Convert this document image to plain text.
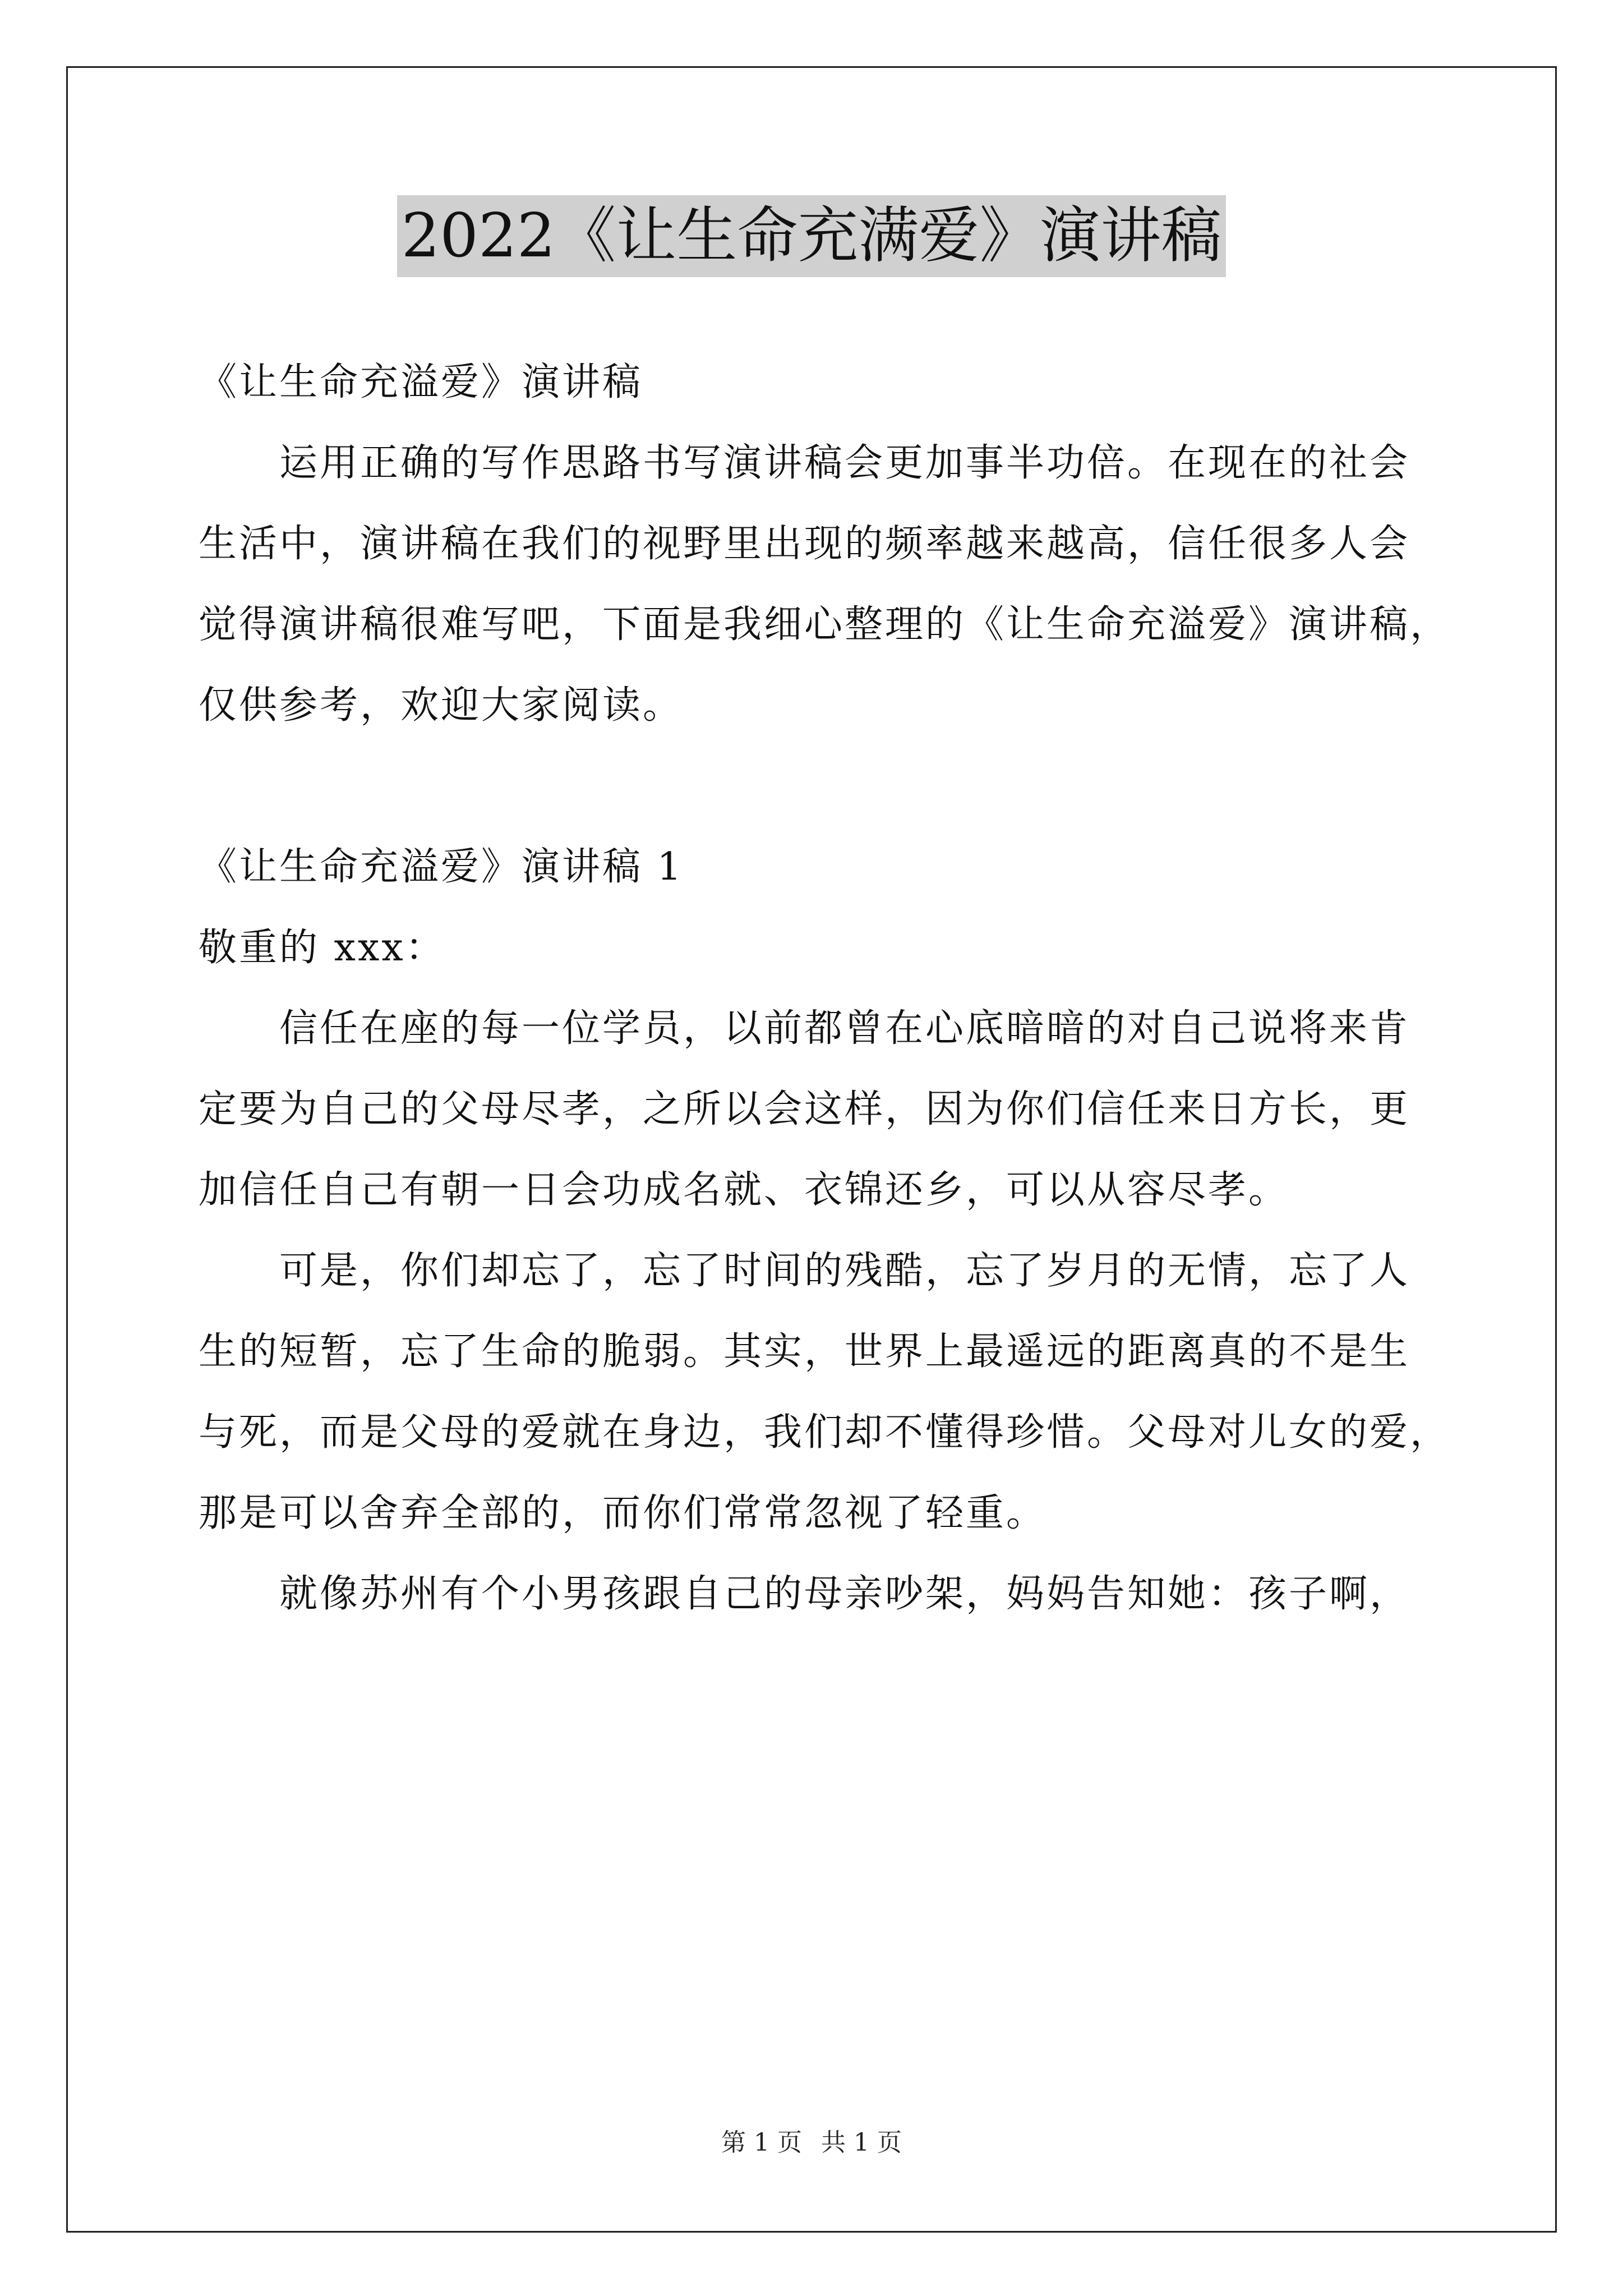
2022《让生命充满爱》演讲稿
《让生命充溢爱》演讲稿
运用正确的写作思路书写演讲稿会更加事半功倍。在现在的社会
生活中，演讲稿在我们的视野里出现的频率越来越高，信任很多人会
觉得演讲稿很难写吧，下面是我细心整理的《让生命充溢爱》演讲稿，
仅供参考，欢迎大家阅读。
《让生命充溢爱》演讲稿 1
敬重的 xxx：
信任在座的每一位学员，以前都曾在心底暗暗的对自己说将来肯
定要为自己的父母尽孝，之所以会这样，因为你们信任来日方长，更
加信任自己有朝一日会功成名就、衣锦还乡，可以从容尽孝。
可是，你们却忘了，忘了时间的残酷，忘了岁月的无情，忘了人
生的短暂，忘了生命的脆弱。其实，世界上最遥远的距离真的不是生
与死，而是父母的爱就在身边，我们却不懂得珍惜。父母对儿女的爱，
那是可以舍弃全部的，而你们常常忽视了轻重。
就像苏州有个小男孩跟自己的母亲吵架，妈妈告知她：孩子啊，
第 1 页 共 1 页
